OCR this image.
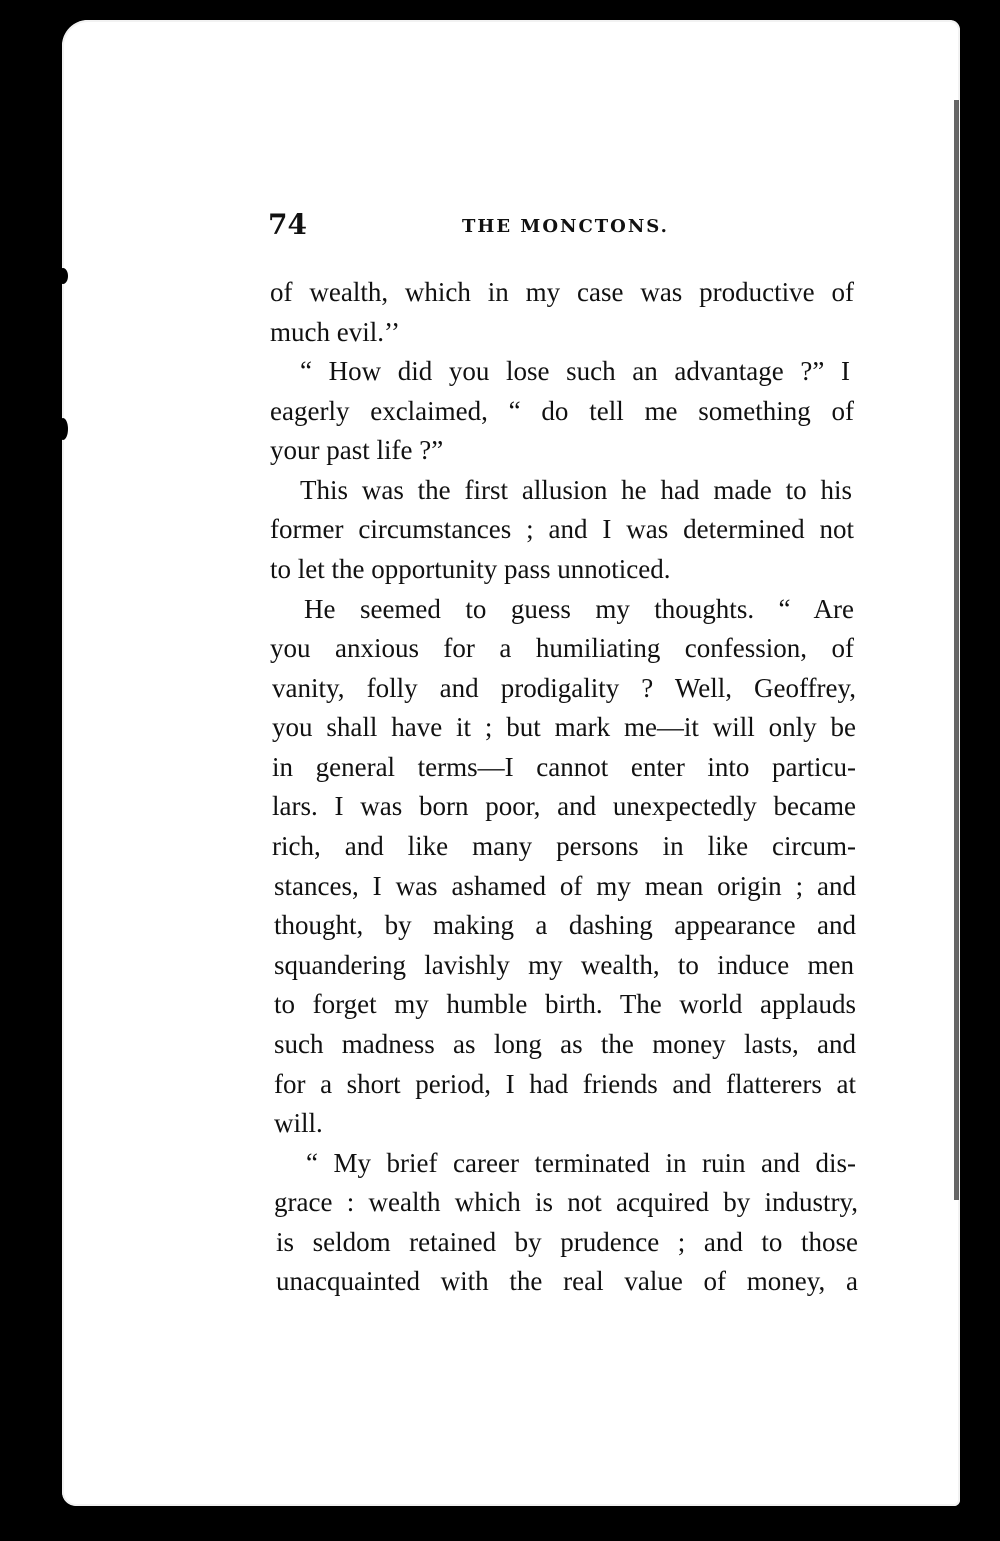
74	THE MONCTONS.

of wealth, which in my case was productive of

much evil.’’

“ How did you lose such an advantage ?” I

eagerly exclaimed, “ do tell me something of

your past life ?”

This was the first allusion he had made to his

former circumstances ; and I was determined not

to let the opportunity pass unnoticed.

He seemed to guess my thoughts. “ Are

you anxious for a humiliating confession, of

vanity, folly and prodigality ? Well, Geoffrey,

you shall have it ; but mark me—it will only be

in general terms—I cannot enter into particu-

lars. I was born poor, and unexpectedly became

rich, and like many persons in like circum-

stances, I was ashamed of my mean origin ; and

thought, by making a dashing appearance and

squandering lavishly my wealth, to induce men

to forget my humble birth. The world applauds

such madness as long as the money lasts, and

for a short period, I had friends and flatterers at

will.

“ My brief career terminated in ruin and dis-

grace : wealth which is not acquired by industry,

is seldom retained by prudence ; and to those

unacquainted with the real value of money, a
